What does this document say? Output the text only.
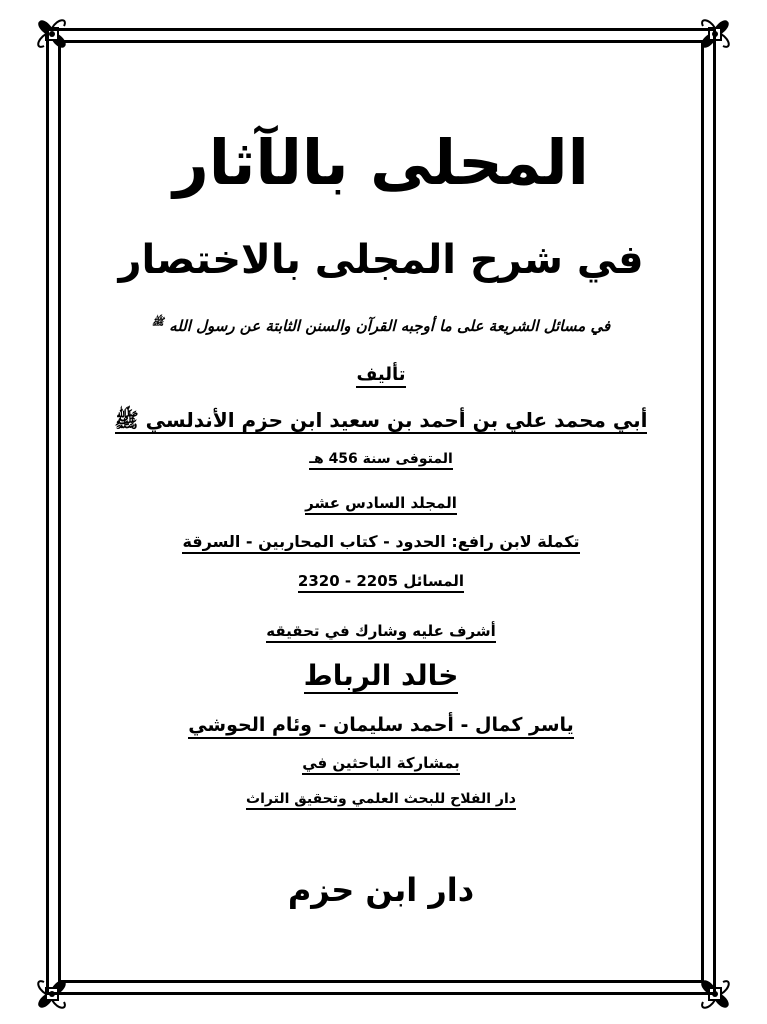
المحلى بالآثار
في شرح المجلى بالاختصار
في مسائل الشريعة على ما أوجبه القرآن والسنن الثابتة عن رسول الله $^ﷺ$
تأليف
أبي محمد علي بن أحمد بن سعيد ابن حزم الأندلسي ﷺ
المتوفى سنة 456 هـ
المجلد السادس عشر
تكملة لابن رافع: الحدود - كتاب المحاربين - السرقة
المسائل 2205 - 2320
أشرف عليه وشارك في تحقيقه
خالد الرباط
ياسر كمال - أحمد سليمان - وئام الحوشي
بمشاركة الباحثين في
دار الفلاح للبحث العلمي وتحقيق التراث
دار ابن حزم
